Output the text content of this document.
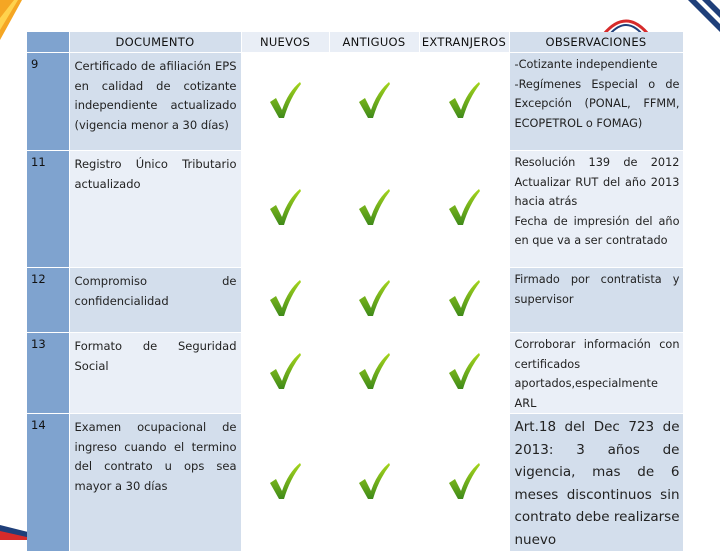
	DOCUMENTO	NUEVOS	ANTIGUOS	EXTRANJEROS	OBSERVACIONES
9	Certificado de afiliación EPS en calidad de cotizante independiente actualizado (vigencia menor a 30 días)				-Cotizante independiente

-Regímenes Especial o de Excepción (PONAL, FFMM, ECOPETROL o FOMAG)

11	Registro Único Tributario actualizado				Resolución 139 de 2012 Actualizar RUT del año 2013 hacia atrás

Fecha de impresión del año en que va a ser contratado

12	Compromiso de confidencialidad				Firmado por contratista y supervisor

13	Formato de Seguridad Social				Corroborar información con certificados aportados,especialmente ARL

14	Examen ocupacional de ingreso cuando el termino del contrato u ops sea mayor a 30 días				Art.18 del Dec 723 de 2013: 3 años de vigencia, mas de 6 meses discontinuos sin contrato debe realizarse nuevo
